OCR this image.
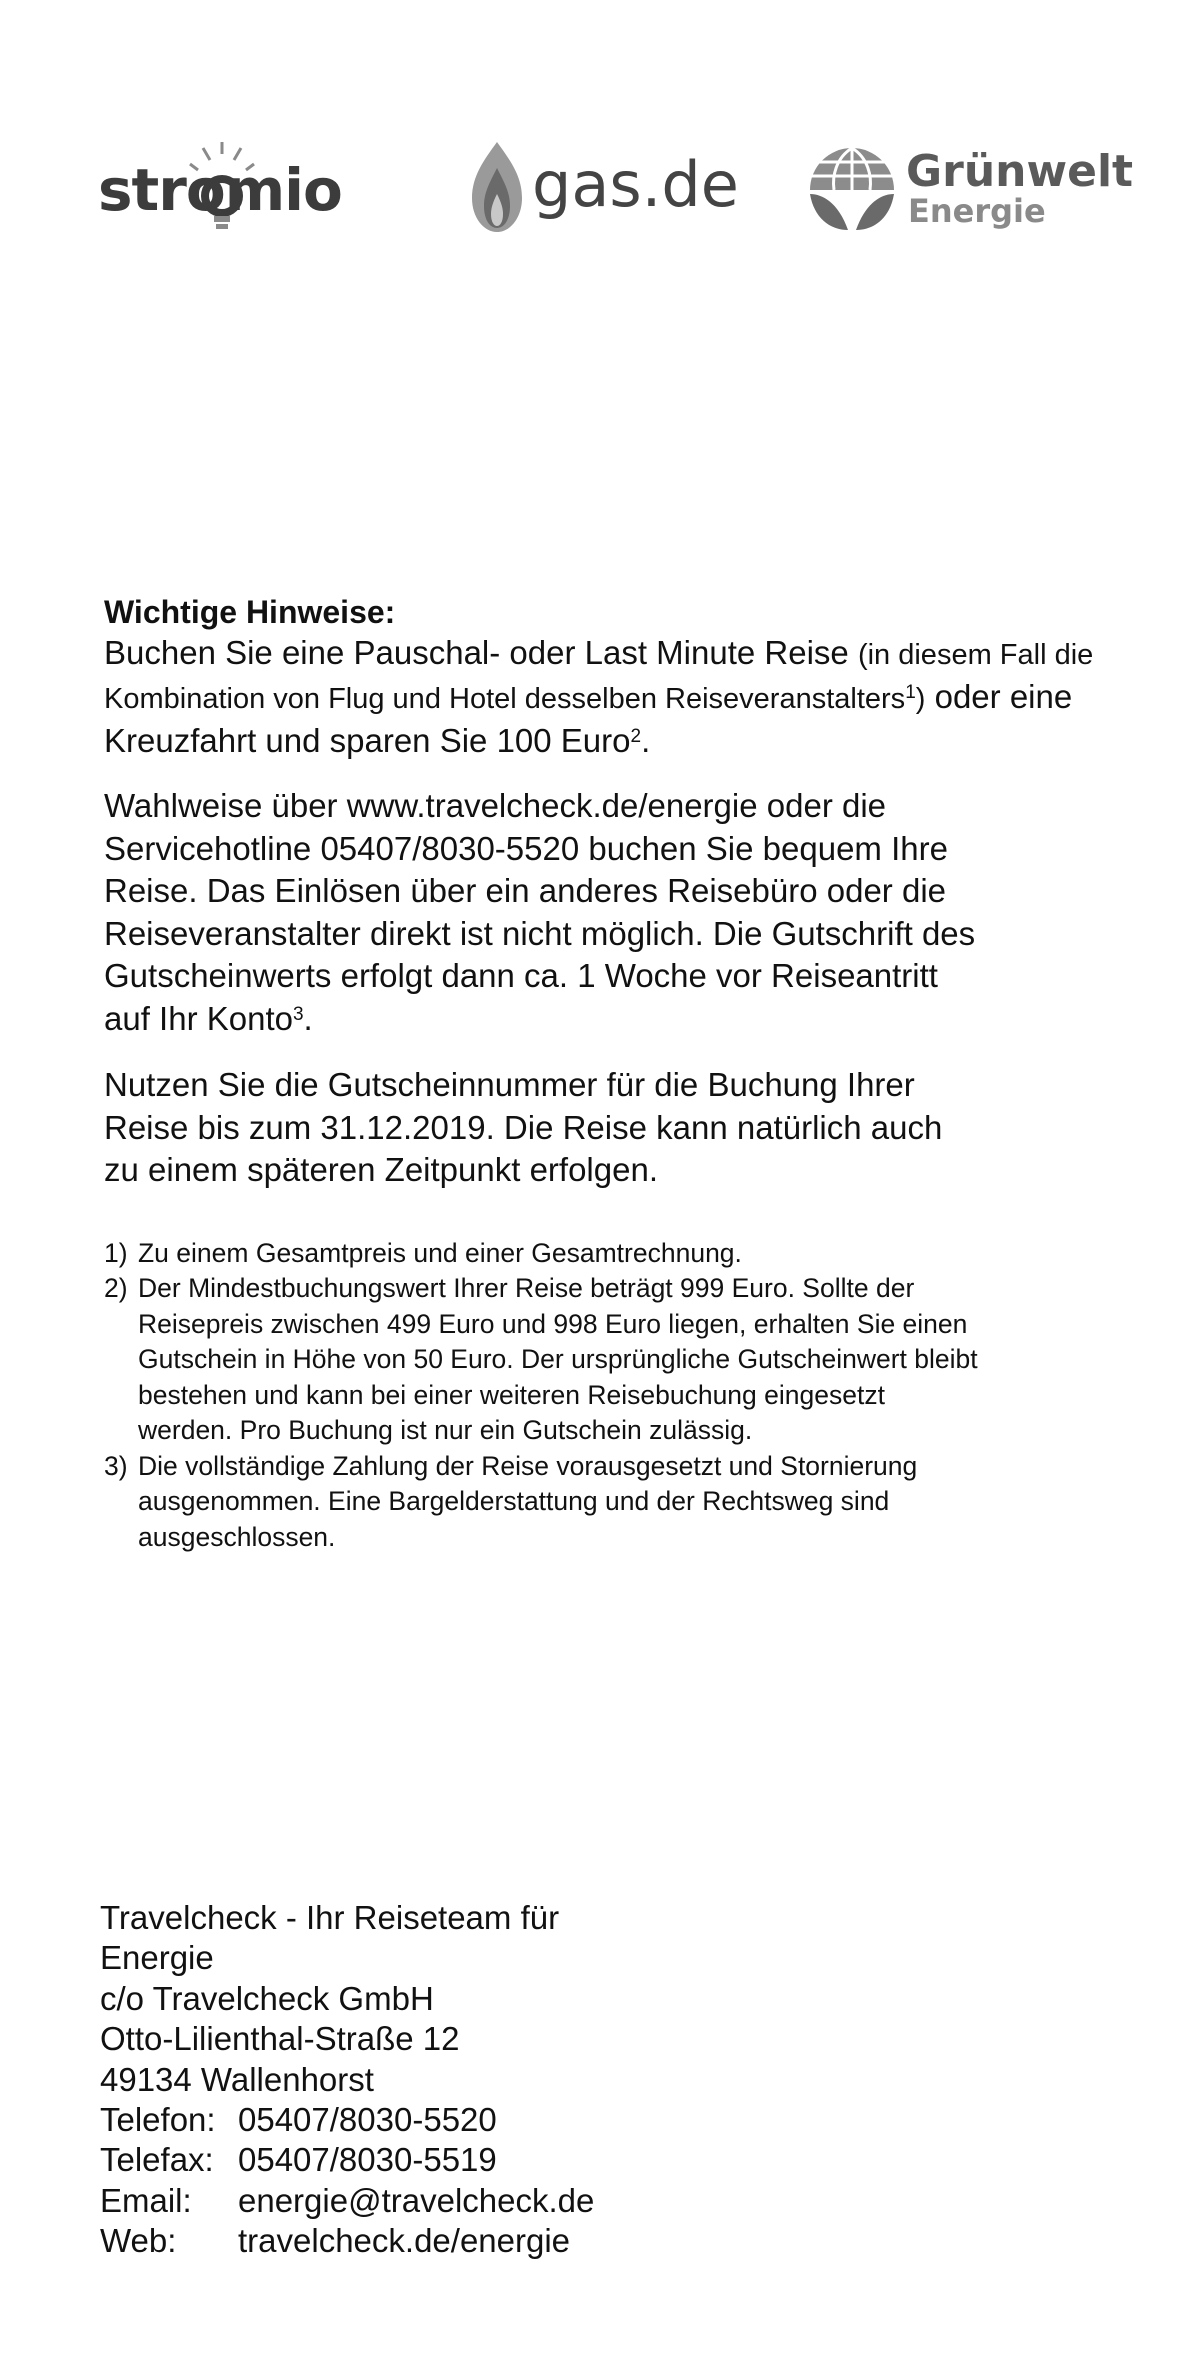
stromio	gas.de	Grünwelt
Energie

Wichtige Hinweise:

Buchen Sie eine Pauschal- oder Last Minute Reise (in diesem Fall die Kombination von Flug und Hotel desselben Reiseveranstalters$^1$) oder eine Kreuzfahrt und sparen Sie 100 Euro$^2$.

Wahlweise über www.travelcheck.de/energie oder die Servicehotline 05407/8030-5520 buchen Sie bequem Ihre Reise. Das Einlösen über ein anderes Reisebüro oder die Reiseveranstalter direkt ist nicht möglich. Die Gutschrift des Gutscheinwerts erfolgt dann ca. 1 Woche vor Reiseantritt auf Ihr Konto$^3$.

Nutzen Sie die Gutscheinnummer für die Buchung Ihrer Reise bis zum 31.12.2019. Die Reise kann natürlich auch zu einem späteren Zeitpunkt erfolgen.

1) Zu einem Gesamtpreis und einer Gesamtrechnung.
2) Der Mindestbuchungswert Ihrer Reise beträgt 999 Euro. Sollte der Reisepreis zwischen 499 Euro und 998 Euro liegen, erhalten Sie einen Gutschein in Höhe von 50 Euro. Der ursprüngliche Gutscheinwert bleibt bestehen und kann bei einer weiteren Reisebuchung eingesetzt werden. Pro Buchung ist nur ein Gutschein zulässig.
3) Die vollständige Zahlung der Reise vorausgesetzt und Stornierung ausgenommen. Eine Bargelderstattung und der Rechtsweg sind ausgeschlossen.
Travelcheck - Ihr Reiseteam für
Energie
c/o Travelcheck GmbH
Otto-Lilienthal-Straße 12
49134 Wallenhorst
Telefon: 05407/8030-5520
Telefax: 05407/8030-5519
Email:	energie@travelcheck.de
Web:	travelcheck.de/energie
